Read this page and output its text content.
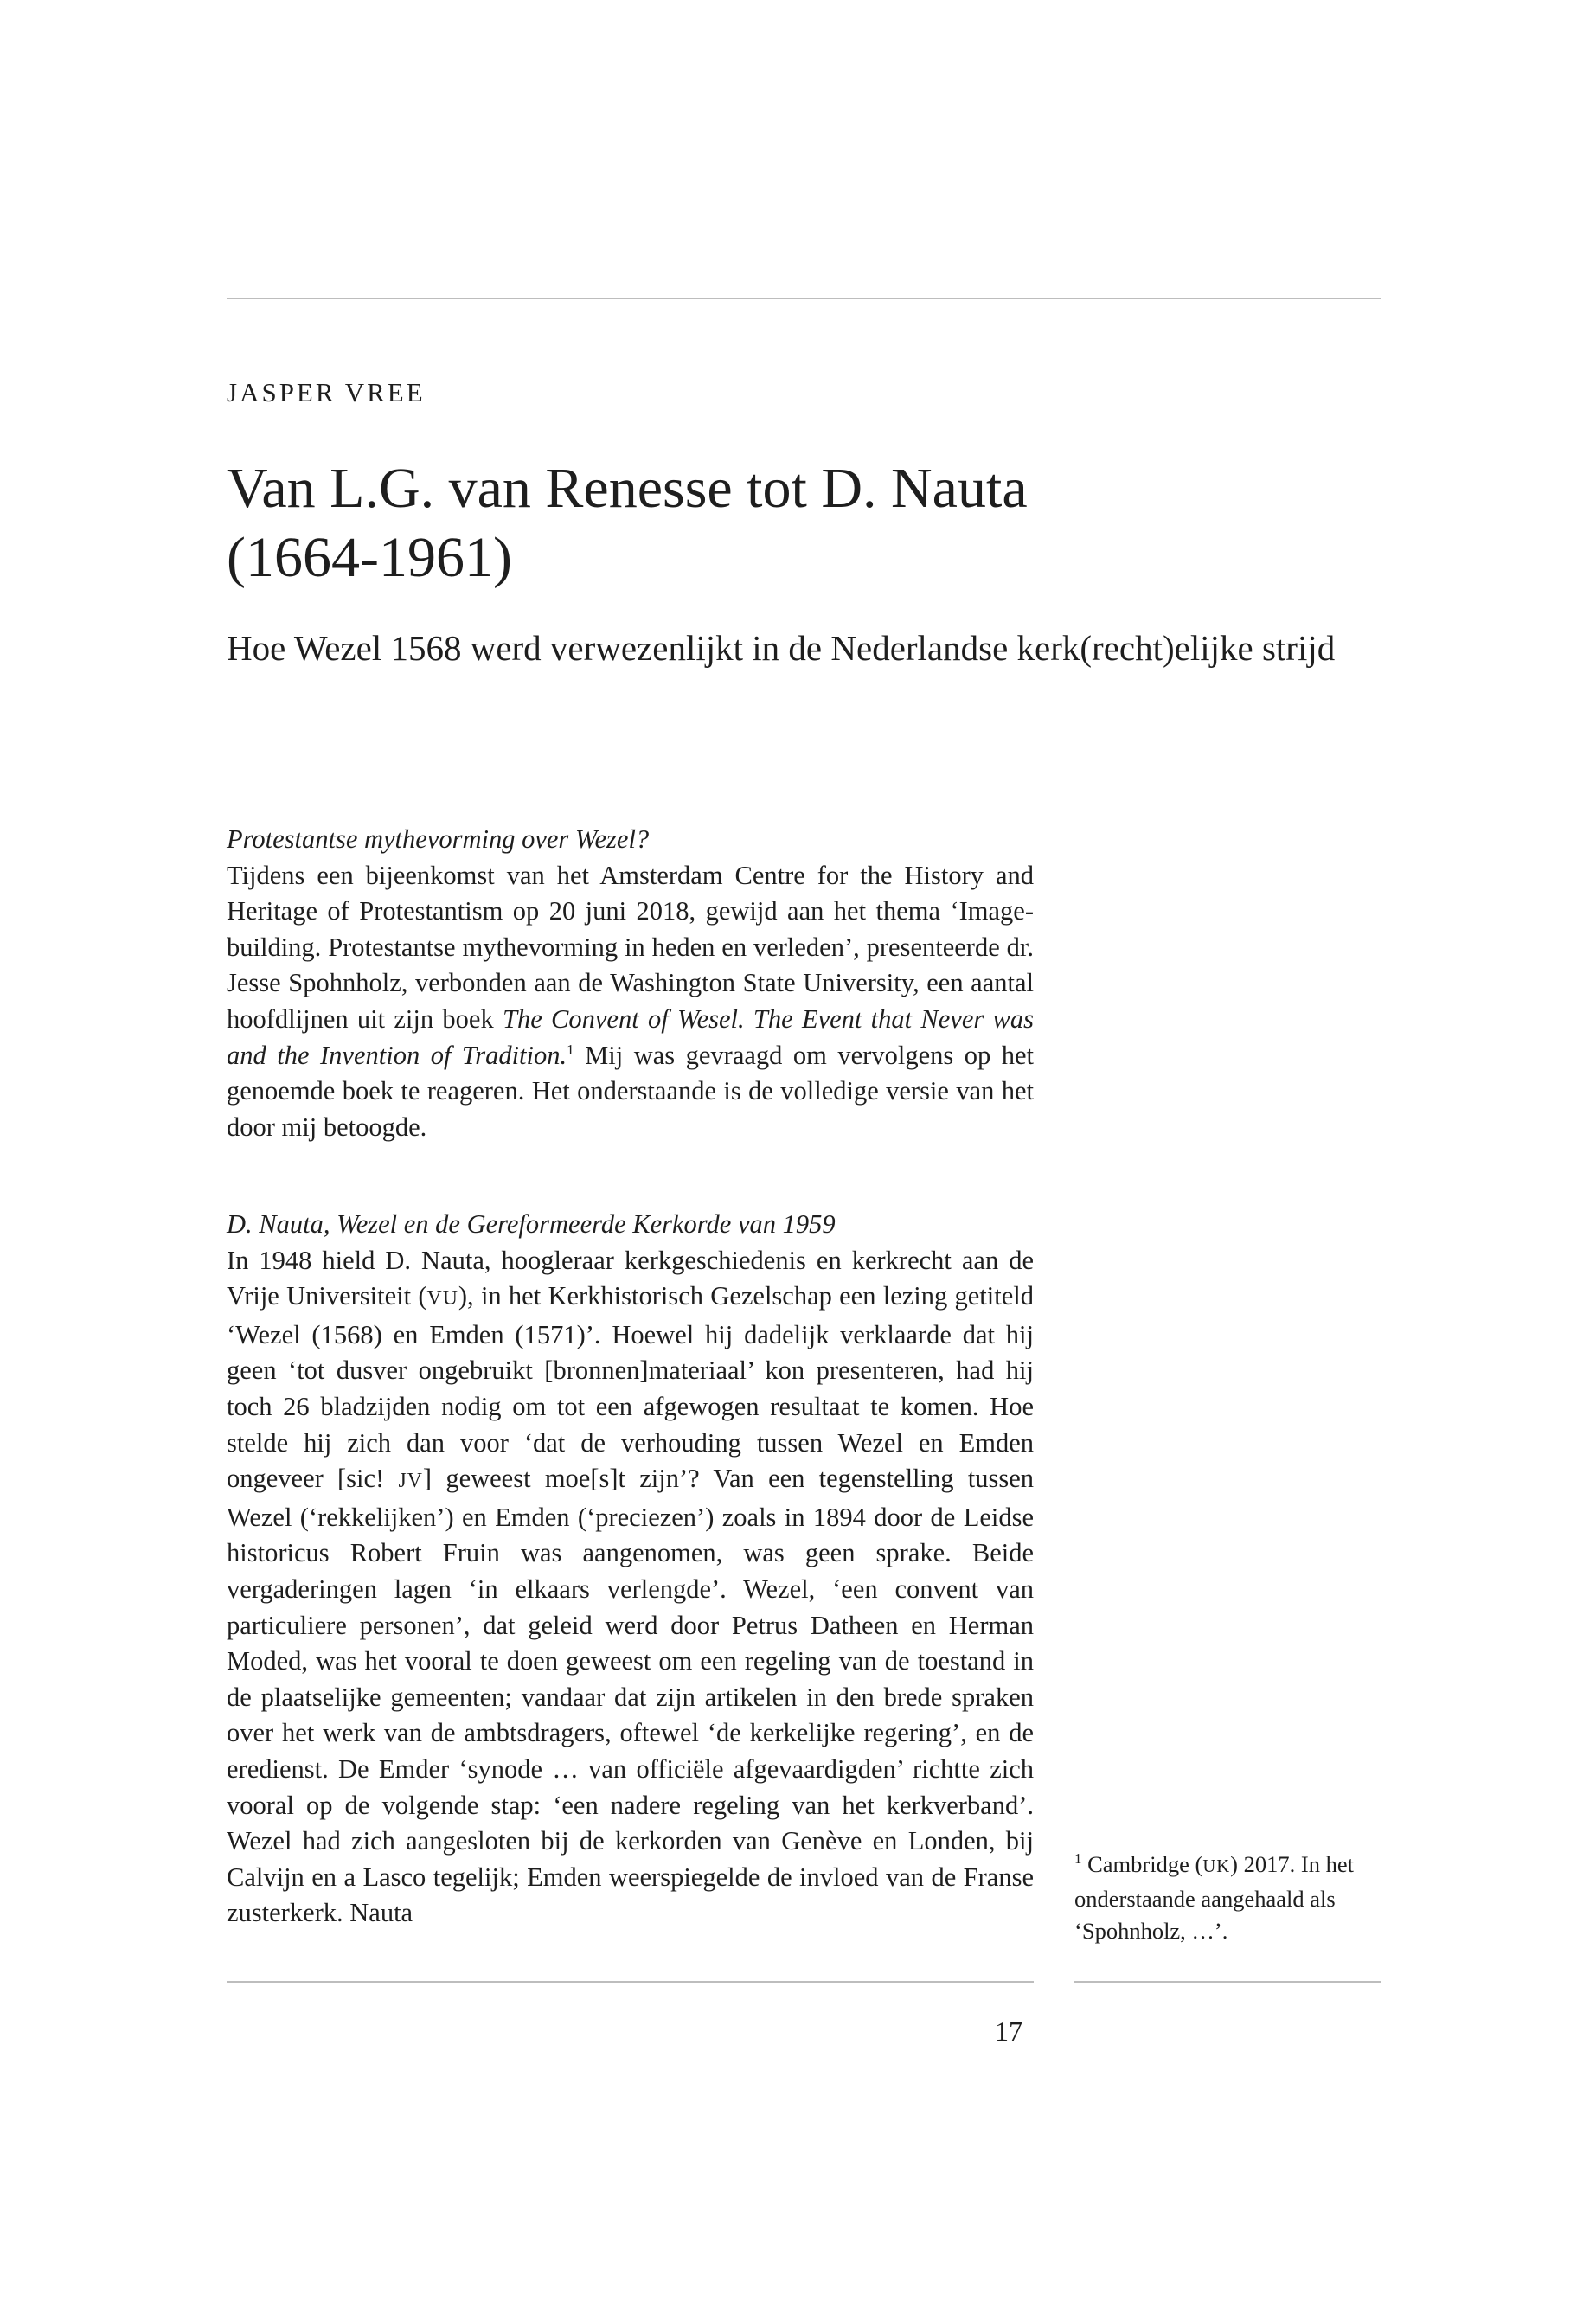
JASPER VREE
Van L.G. van Renesse tot D. Nauta
(1664-1961)

Hoe Wezel 1568 werd verwezenlijkt in de Nederlandse kerk(recht)elijke strijd

Protestantse mythevorming over Wezel?

Tijdens een bijeenkomst van het Amsterdam Centre for the History and Heritage of Protestantism op 20 juni 2018, gewijd aan het thema ‘Image-building. Protestantse mythevorming in heden en verleden’, presenteerde dr. Jesse Spohnholz, verbonden aan de Washington State University, een aantal hoofdlijnen uit zijn boek The Convent of Wesel. The Event that Never was and the Invention of Tradition.$^1$ Mij was gevraagd om vervolgens op het genoemde boek te reageren. Het onderstaande is de volledige versie van het door mij betoogde.

D. Nauta, Wezel en de Gereformeerde Kerkorde van 1959

In 1948 hield D. Nauta, hoogleraar kerkgeschiedenis en kerkrecht aan de Vrije Universiteit (VU), in het Kerkhistorisch Gezelschap een lezing getiteld ‘Wezel (1568) en Emden (1571)’. Hoewel hij dadelijk verklaarde dat hij geen ‘tot dusver ongebruikt [bronnen]materiaal’ kon presenteren, had hij toch 26 bladzijden nodig om tot een afgewogen resultaat te komen. Hoe stelde hij zich dan voor ‘dat de verhouding tussen Wezel en Emden ongeveer [sic! JV] geweest moe[s]t zijn’? Van een tegenstelling tussen Wezel (‘rekkelijken’) en Emden (‘preciezen’) zoals in 1894 door de Leidse historicus Robert Fruin was aangenomen, was geen sprake. Beide vergaderingen lagen ‘in elkaars verlengde’. Wezel, ‘een convent van particuliere personen’, dat geleid werd door Petrus Datheen en Herman Moded, was het vooral te doen geweest om een regeling van de toestand in de plaatselijke gemeenten; vandaar dat zijn artikelen in den brede spraken over het werk van de ambtsdragers, oftewel ‘de kerkelijke regering’, en de eredienst. De Emder ‘synode … van officiële afgevaardigden’ richtte zich vooral op de volgende stap: ‘een nadere regeling van het kerkverband’. Wezel had zich aangesloten bij de kerkorden van Genève en Londen, bij Calvijn en a Lasco tegelijk; Emden weerspiegelde de invloed van de Franse zusterkerk. Nauta

$^1$ Cambridge (UK) 2017. In het onderstaande aangehaald als ‘Spohnholz, …’.
17
